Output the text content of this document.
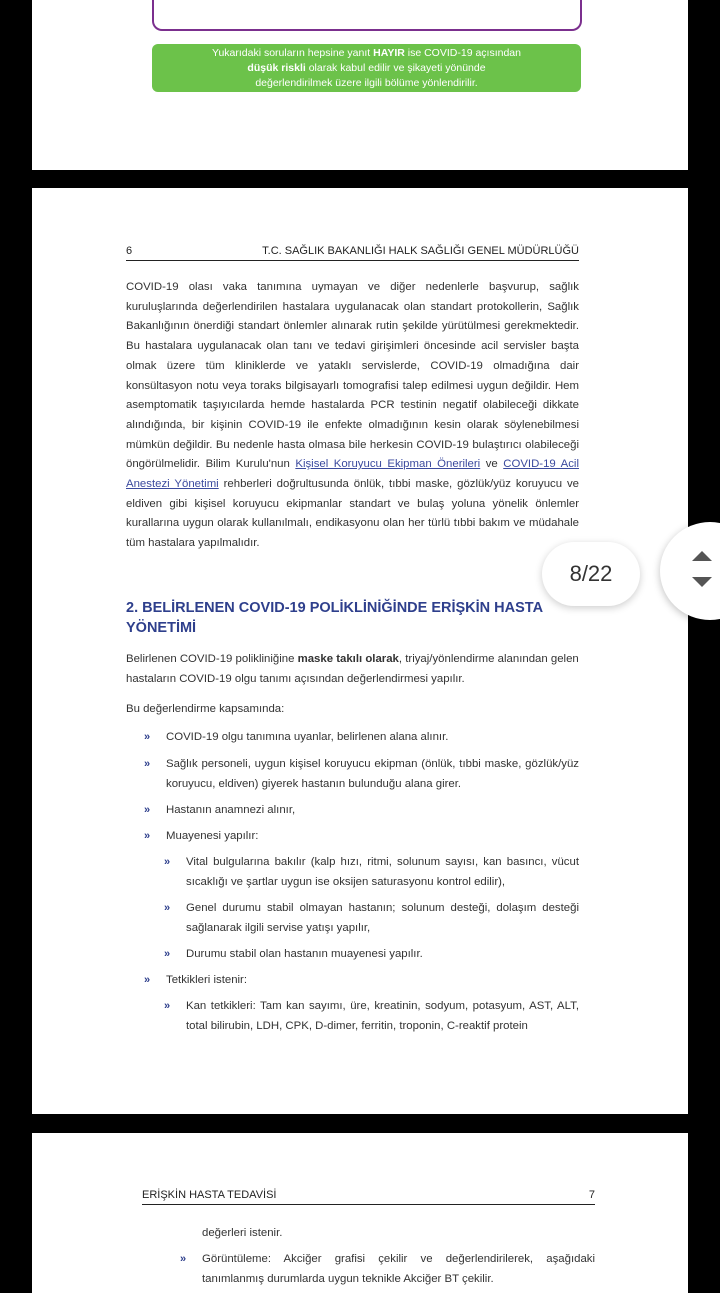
Yukarıdaki soruların hepsine yanıt HAYIR ise COVID-19 açısından
düşük riskli olarak kabul edilir ve şikayeti yönünde
değerlendirilmek üzere ilgili bölüme yönlendirilir.
6	T.C. SAĞLIK BAKANLIĞI HALK SAĞLIĞI GENEL MÜDÜRLÜĞÜ

COVID-19 olası vaka tanımına uymayan ve diğer nedenlerle başvurup, sağlık kuruluşlarında değerlendirilen hastalara uygulanacak olan standart protokollerin, Sağlık Bakanlığının önerdiği standart önlemler alınarak rutin şekilde yürütülmesi gerekmektedir. Bu hastalara uygulanacak olan tanı ve tedavi girişimleri öncesinde acil servisler başta olmak üzere tüm kliniklerde ve yataklı servislerde, COVID-19 olmadığına dair konsültasyon notu veya toraks bilgisayarlı tomografisi talep edilmesi uygun değildir. Hem asemptomatik taşıyıcılarda hemde hastalarda PCR testinin negatif olabileceği dikkate alındığında, bir kişinin COVID-19 ile enfekte olmadığının kesin olarak söylenebilmesi mümkün değildir. Bu nedenle hasta olmasa bile herkesin COVID-19 bulaştırıcı olabileceği öngörülmelidir. Bilim Kurulu'nun Kişisel Koruyucu Ekipman Önerileri ve COVID-19 Acil Anestezi Yönetimi rehberleri doğrultusunda önlük, tıbbi maske, gözlük/yüz koruyucu ve eldiven gibi kişisel koruyucu ekipmanlar standart ve bulaş yoluna yönelik önlemler kurallarına uygun olarak kullanılmalı, endikasyonu olan her türlü tıbbi bakım ve müdahale tüm hastalara yapılmalıdır.

2. BELİRLENEN COVID-19 POLİKLİNİĞİNDE ERİŞKİN HASTA YÖNETİMİ

Belirlenen COVID-19 polikliniğine maske takılı olarak, triyaj/yönlendirme alanından gelen hastaların COVID-19 olgu tanımı açısından değerlendirmesi yapılır.

Bu değerlendirme kapsamında:

» COVID-19 olgu tanımına uyanlar, belirlenen alana alınır.

» Sağlık personeli, uygun kişisel koruyucu ekipman (önlük, tıbbi maske, gözlük/yüz koruyucu, eldiven) giyerek hastanın bulunduğu alana girer.

» Hastanın anamnezi alınır,

» Muayenesi yapılır:

» Vital bulgularına bakılır (kalp hızı, ritmi, solunum sayısı, kan basıncı, vücut sıcaklığı ve şartlar uygun ise oksijen saturasyonu kontrol edilir),

» Genel durumu stabil olmayan hastanın; solunum desteği, dolaşım desteği sağlanarak ilgili servise yatışı yapılır,

» Durumu stabil olan hastanın muayenesi yapılır.

» Tetkikleri istenir:

» Kan tetkikleri: Tam kan sayımı, üre, kreatinin, sodyum, potasyum, AST, ALT, total bilirubin, LDH, CPK, D-dimer, ferritin, troponin, C-reaktif protein

ERİŞKİN HASTA TEDAVİSİ	7

değerleri istenir.

» Görüntüleme: Akciğer grafisi çekilir ve değerlendirilerek, aşağıdaki tanımlanmış durumlarda uygun teknikle Akciğer BT çekilir.

8/22
